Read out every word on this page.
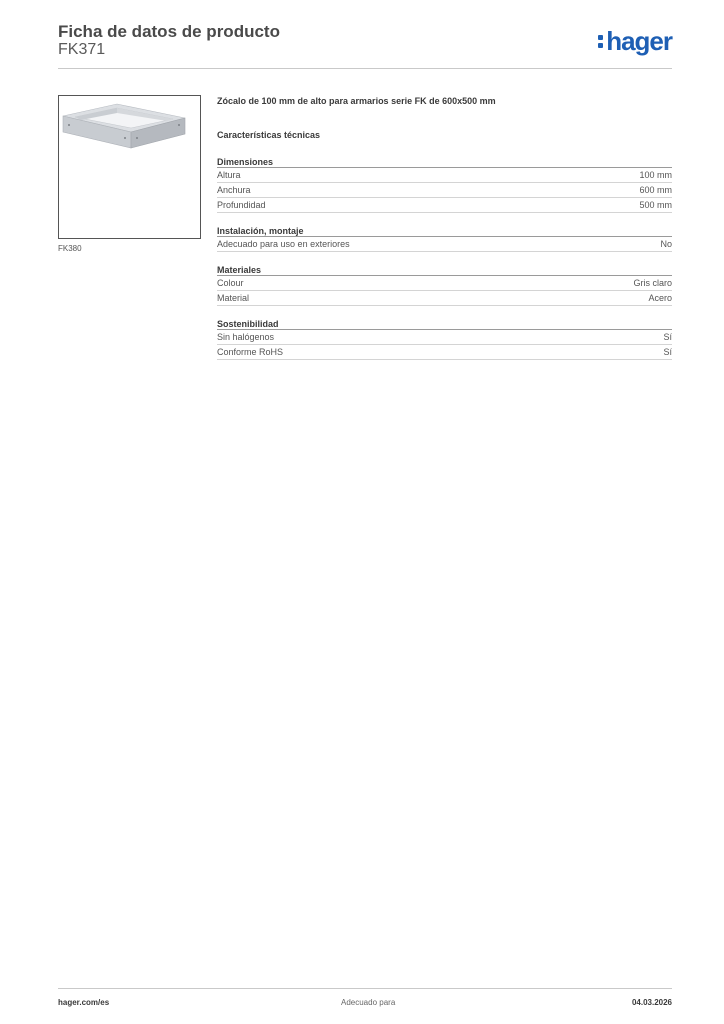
Ficha de datos de producto
FK371	hager
FK380
Zócalo de 100 mm de alto para armarios serie FK de 600x500 mm
Características técnicas
Dimensiones
Altura	100 mm
Anchura	600 mm
Profundidad	500 mm
Instalación, montaje
Adecuado para uso en exteriores	No
Materiales
Colour	Gris claro
Material	Acero
Sostenibilidad
Sin halógenos	Sí
Conforme RoHS	Sí
hager.com/es	Adecuado para	04.03.2026
